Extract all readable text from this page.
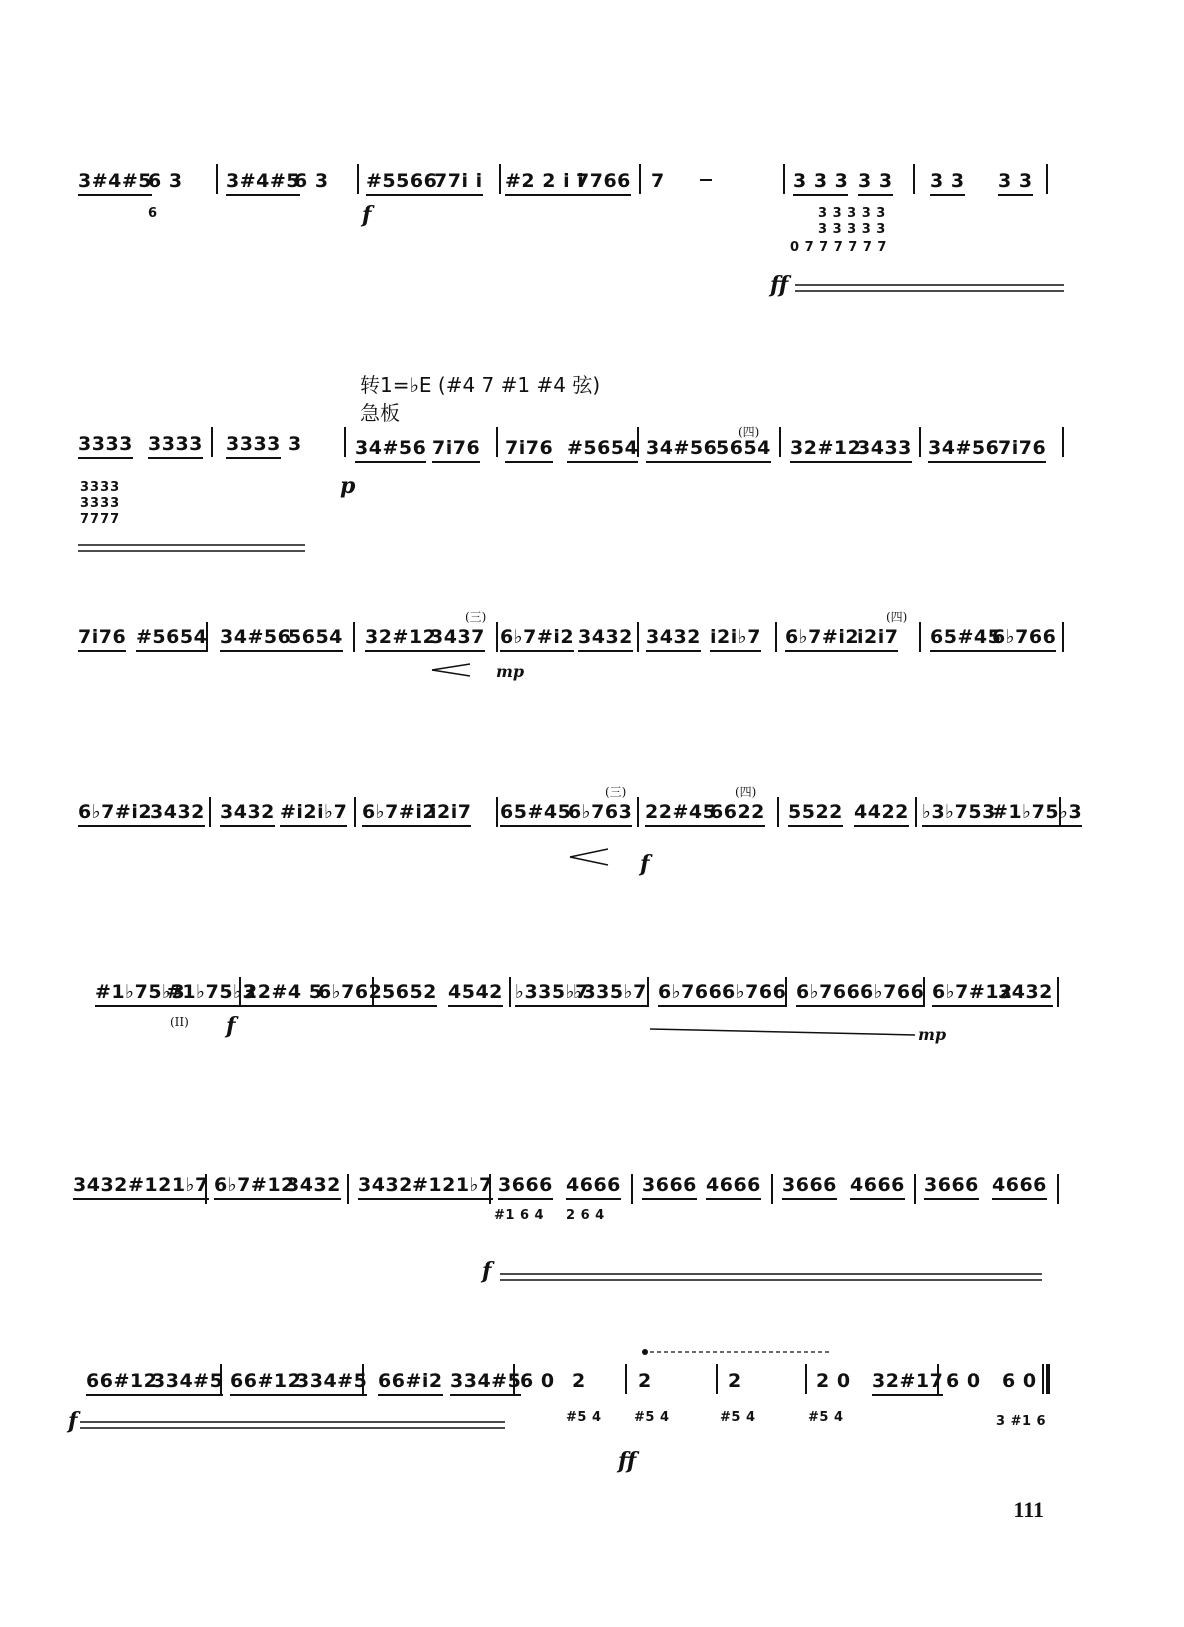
3#4#5
6 3 3#4#5
6 3 #5566
77i i #2 2 i i
7766 7	3 3 3 3 3 3 3 3 3
3 3 3 3 3
3 3 3 3 3
0 7 7 7 7 7 7
6	f
ff
转1=♭E (#4 7 #1 #4 弦)
急板
3333 3333 3333 3	34#56 7i76 7i76 #5654 34#56
5654 32#12
3433 34#56
7i76
(四)
3333
3333
7777
p
7i76 #5654 34#56
5654 32#12
3437 6♭7#i2 3432 3432 i2i♭7 6♭7#i2
i2i7 65#45
6♭766
(三)	(四)
mp
6♭7#i2
3432 3432 #i2i♭7 6♭7#i2
i2i7 65#45
6♭763 22#45
6622 5522 4422 ♭3♭753
#1♭75♭3
(三)	(四)
f
#1♭75♭3
#1♭75♭3
22#4 5
6♭762 5652 4542 ♭335♭7
♭335♭7 6♭766 6♭766 6♭766 6♭766 6♭7#12
3432
(II) f	mp
3432 #121♭7 6♭7#12
3432 3432 #121♭7 3666 4666 3666 4666 3666 4666 3666 4666
#1 6 4 2 6 4
f
66#12
334#5 66#12
334#5 66#i2 334#5
6 0 2	2	2	2 0 32#17 6 0 6 0
#5 4 #5 4	#5 4	#5 4	3 #1 6
f
ff
111
